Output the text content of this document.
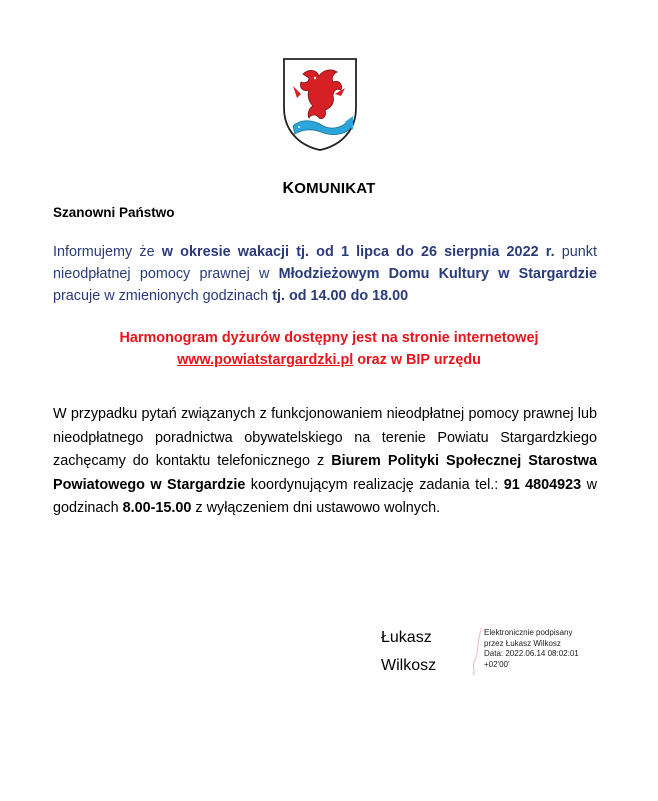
KOMUNIKAT
Szanowni Państwo
Informujemy że w okresie wakacji tj. od 1 lipca do 26 sierpnia 2022 r. punkt nieodpłatnej pomocy prawnej w Młodzieżowym Domu Kultury w Stargardzie pracuje w zmienionych godzinach tj. od 14.00 do 18.00
Harmonogram dyżurów dostępny jest na stronie internetowej
www.powiatstargardzki.pl oraz w BIP urzędu
W przypadku pytań związanych z funkcjonowaniem nieodpłatnej pomocy prawnej lub nieodpłatnego poradnictwa obywatelskiego na terenie Powiatu Stargardzkiego zachęcamy do kontaktu telefonicznego z Biurem Polityki Społecznej Starostwa Powiatowego w Stargardzie koordynującym realizację zadania tel.: 91 4804923 w godzinach 8.00-15.00 z wyłączeniem dni ustawowo wolnych.
Łukasz
Wilkosz
Elektronicznie podpisany
przez Łukasz Wilkosz
Data: 2022.06.14 08:02:01
+02'00'
